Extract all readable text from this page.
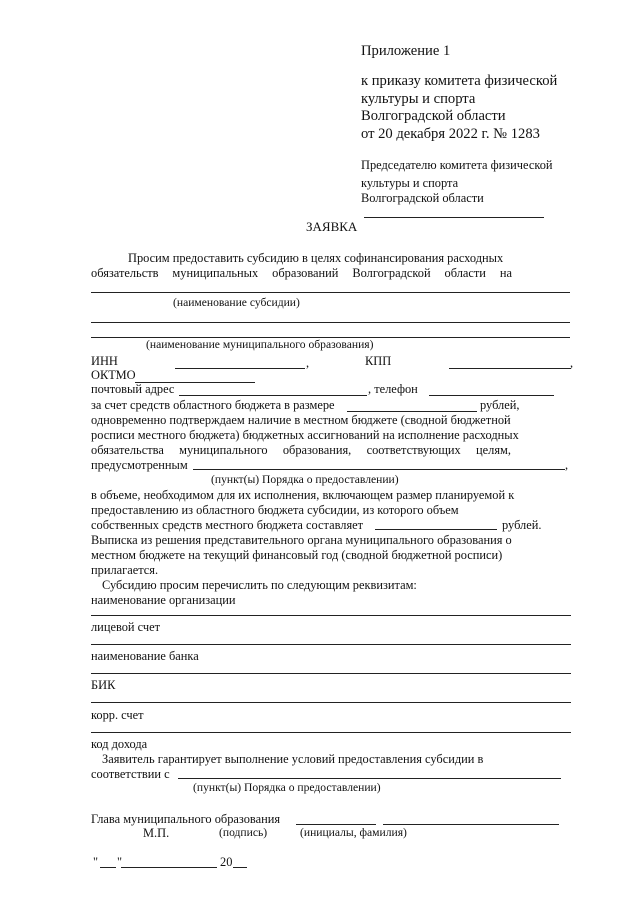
Приложение 1
к приказу комитета физической
культуры и спорта
Волгоградской области
от 20 декабря 2022 г. № 1283
Председателю комитета физической
культуры и спорта
Волгоградской области
ЗАЯВКА
Просим предоставить субсидию в целях софинансирования расходных
обязательств муниципальных образований Волгоградской области на
(наименование субсидии)
(наименование муниципального образования)
ИНН	,	КПП	,
ОКТМО
почтовый адрес	, телефон
за счет средств областного бюджета в размере	рублей,
одновременно подтверждаем наличие в местном бюджете (сводной бюджетной
росписи местного бюджета) бюджетных ассигнований на исполнение расходных
обязательства муниципального образования, соответствующих целям,
предусмотренным	,
(пункт(ы) Порядка о предоставлении)
в объеме, необходимом для их исполнения, включающем размер планируемой к
предоставлению из областного бюджета субсидии, из которого объем
собственных средств местного бюджета составляет	рублей.
Выписка из решения представительного органа муниципального образования о
местном бюджете на текущий финансовый год (сводной бюджетной росписи)
прилагается.
Субсидию просим перечислить по следующим реквизитам:
наименование организации
лицевой счет
наименование банка
БИК
корр. счет
код дохода
Заявитель гарантирует выполнение условий предоставления субсидии в
соответствии с
(пункт(ы) Порядка о предоставлении)
Глава муниципального образования
М.П.	(подпись)	(инициалы, фамилия)
" "	20
